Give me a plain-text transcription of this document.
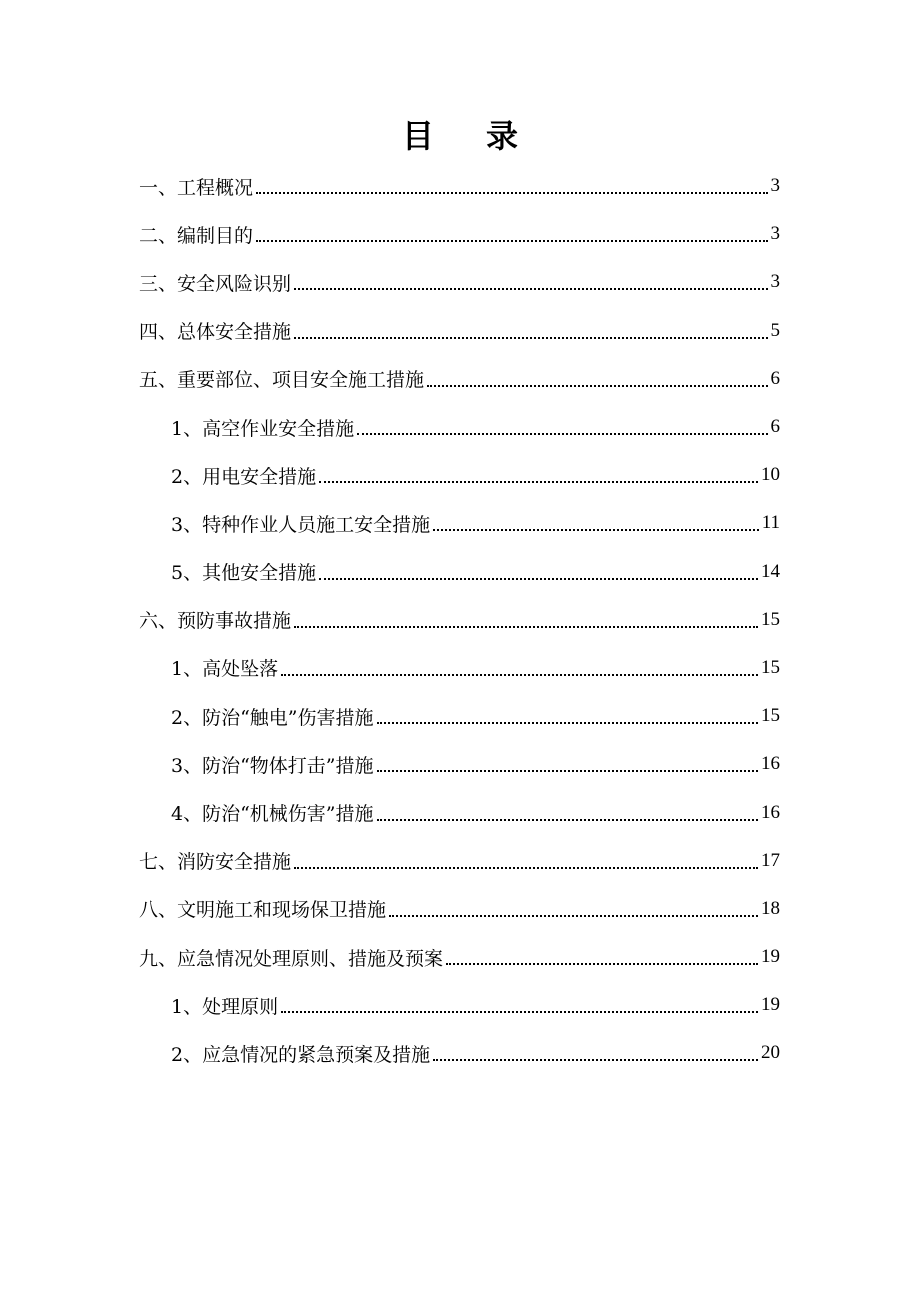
目 录
一、工程概况	3
二、编制目的	3
三、安全风险识别	3
四、总体安全措施	5
五、重要部位、项目安全施工措施	6
1、高空作业安全措施	6
2、用电安全措施	10
3、特种作业人员施工安全措施	11
5、其他安全措施	14
六、预防事故措施	15
1、高处坠落	15
2、防治“触电”伤害措施	15
3、防治“物体打击”措施	16
4、防治“机械伤害”措施	16
七、消防安全措施	17
八、文明施工和现场保卫措施	18
九、应急情况处理原则、措施及预案	19
1、处理原则	19
2、应急情况的紧急预案及措施	20
